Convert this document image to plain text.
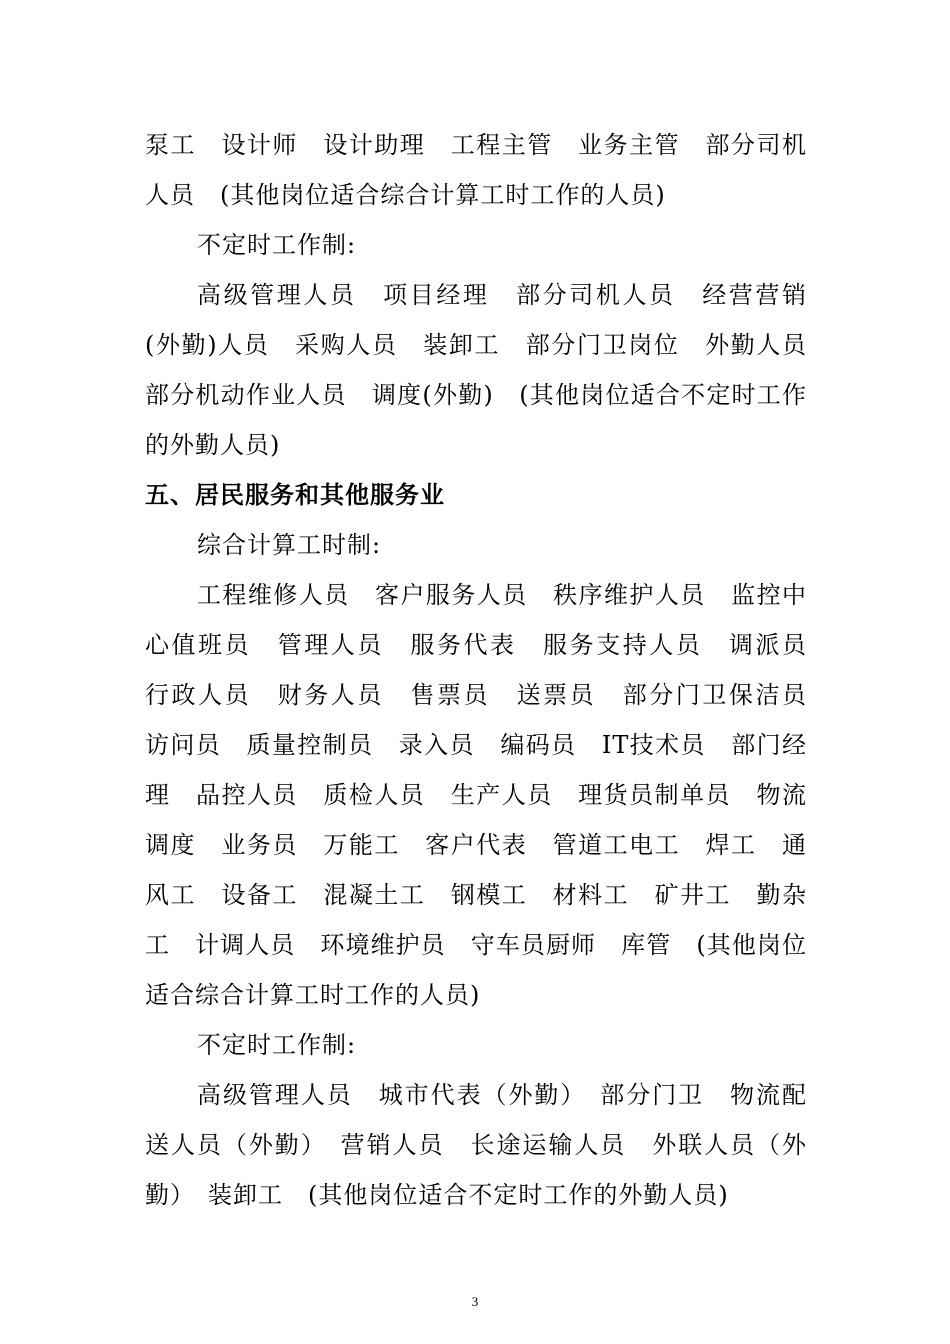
泵工　设计师　设计助理　工程主管　业务主管　部分司机人员　(其他岗位适合综合计算工时工作的人员)

不定时工作制:

高级管理人员　项目经理　部分司机人员　经营营销(外勤)人员　采购人员　装卸工　部分门卫岗位　外勤人员　部分机动作业人员　调度(外勤)　(其他岗位适合不定时工作的外勤人员)

五、居民服务和其他服务业

综合计算工时制:

工程维修人员　客户服务人员　秩序维护人员　监控中心值班员　管理人员　服务代表　服务支持人员　调派员　行政人员　财务人员　售票员　送票员　部分门卫保洁员　访问员　质量控制员　录入员　编码员　IT技术员　部门经理　品控人员　质检人员　生产人员　理货员制单员　物流调度　业务员　万能工　客户代表　管道工电工　焊工　通风工　设备工　混凝土工　钢模工　材料工　矿井工　勤杂工　计调人员　环境维护员　守车员厨师　库管　(其他岗位适合综合计算工时工作的人员)

不定时工作制:

高级管理人员　城市代表（外勤）　部分门卫　物流配送人员（外勤）　营销人员　长途运输人员　外联人员（外勤）　装卸工　(其他岗位适合不定时工作的外勤人员)

3
